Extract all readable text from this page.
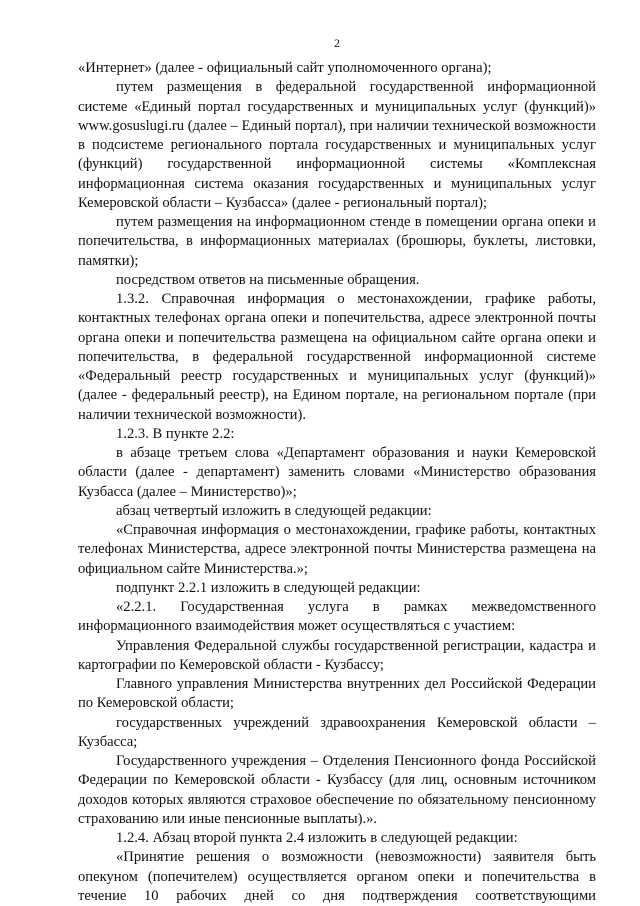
2

«Интернет» (далее - официальный сайт уполномоченного органа);

путем размещения в федеральной государственной информационной системе «Единый портал государственных и муниципальных услуг (функций)» www.gosuslugi.ru (далее – Единый портал), при наличии технической возможности в подсистеме регионального портала государственных и муниципальных услуг (функций) государственной информационной системы «Комплексная информационная система оказания государственных и муниципальных услуг Кемеровской области – Кузбасса» (далее - региональный портал);

путем размещения на информационном стенде в помещении органа опеки и попечительства, в информационных материалах (брошюры, буклеты, листовки, памятки);

посредством ответов на письменные обращения.

1.3.2. Справочная информация о местонахождении, графике работы, контактных телефонах органа опеки и попечительства, адресе электронной почты органа опеки и попечительства размещена на официальном сайте органа опеки и попечительства, в федеральной государственной информационной системе «Федеральный реестр государственных и муниципальных услуг (функций)» (далее - федеральный реестр), на Едином портале, на региональном портале (при наличии технической возможности).

1.2.3. В пункте 2.2:

в абзаце третьем слова «Департамент образования и науки Кемеровской области (далее - департамент) заменить словами «Министерство образования Кузбасса (далее – Министерство)»;

абзац четвертый изложить в следующей редакции:

«Справочная информация о местонахождении, графике работы, контактных телефонах Министерства, адресе электронной почты Министерства размещена на официальном сайте Министерства.»;

подпункт 2.2.1 изложить в следующей редакции:

«2.2.1. Государственная услуга в рамках межведомственного информационного взаимодействия может осуществляться с участием:

Управления Федеральной службы государственной регистрации, кадастра и картографии по Кемеровской области - Кузбассу;

Главного управления Министерства внутренних дел Российской Федерации по Кемеровской области;

государственных учреждений здравоохранения Кемеровской области – Кузбасса;

Государственного учреждения – Отделения Пенсионного фонда Российской Федерации по Кемеровской области - Кузбассу (для лиц, основным источником доходов которых являются страховое обеспечение по обязательному пенсионному страхованию или иные пенсионные выплаты).».

1.2.4. Абзац второй пункта 2.4 изложить в следующей редакции:

«Принятие решения о возможности (невозможности) заявителя быть опекуном (попечителем) осуществляется органом опеки и попечительства в течение 10 рабочих дней со дня подтверждения соответствующими
